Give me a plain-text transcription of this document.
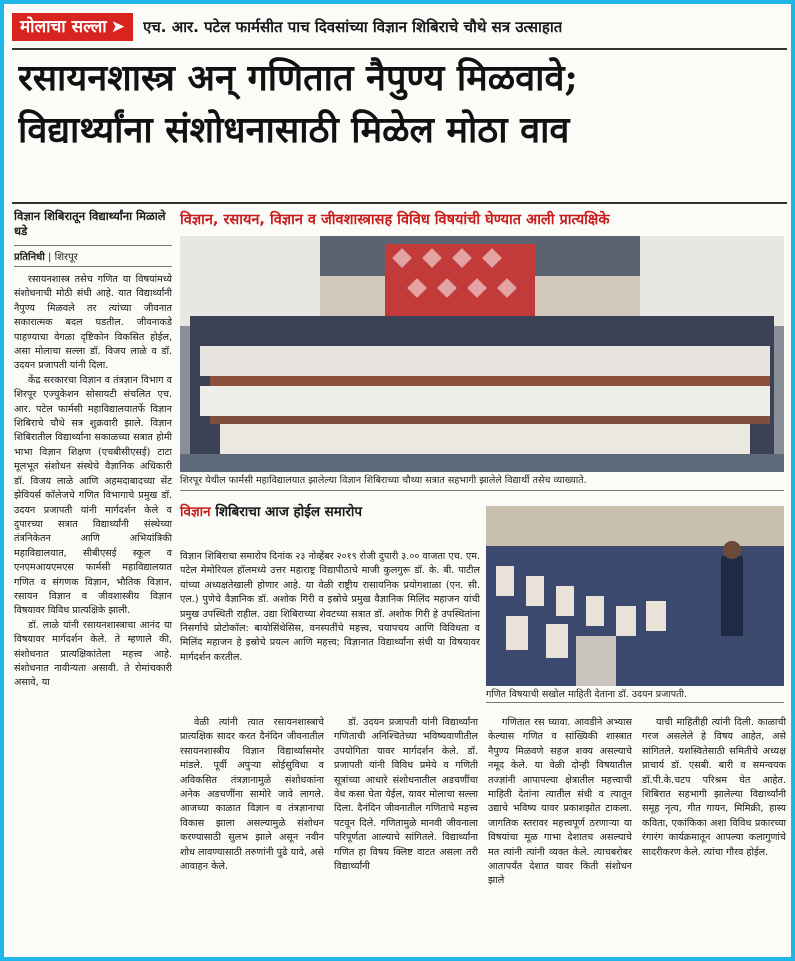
मोलाचा सल्ला ➤	एच. आर. पटेल फार्मसीत पाच दिवसांच्या विज्ञान शिबिराचे चौथे सत्र उत्साहात
रसायनशास्त्र अन् गणितात नैपुण्य मिळवावे;
विद्यार्थ्यांना संशोधनासाठी मिळेल मोठा वाव
विज्ञान शिबिरातून विद्यार्थ्यांना मिळाले धडे
प्रतिनिधी | शिरपूर

रसायनशास्त्र तसेच गणित या विषयांमध्ये संशोधनाची मोठी संधी आहे. यात विद्यार्थ्यांनी नैपुण्य मिळवले तर त्यांच्या जीवनात सकारात्मक बदल घडतील. जीवनाकडे पाहण्याचा वेगळा दृष्टिकोन विकसित होईल, असा मोलाचा सल्ला डॉ. विजय लाळे व डॉ. उदयन प्रजापती यांनी दिला.

केंद्र सरकारचा विज्ञान व तंत्रज्ञान विभाग व शिरपूर एज्युकेशन सोसायटी संचलित एच. आर. पटेल फार्मसी महाविद्यालयातर्फे विज्ञान शिबिराचे चौथे सत्र शुक्रवारी झाले. विज्ञान शिबिरातील विद्यार्थ्यांना सकाळच्या सत्रात होमी भाभा विज्ञान शिक्षण (एचबीसीएसई) टाटा मूलभूत संशोधन संस्थेचे वैज्ञानिक अधिकारी डॉ. विजय लाळे आणि अहमदाबादच्या सेंट झेवियर्स कॉलेजचे गणित विभागाचे प्रमुख डॉ. उदयन प्रजापती यांनी मार्गदर्शन केले व दुपारच्या सत्रात विद्यार्थ्यांनी संस्थेच्या तंत्रनिकेतन आणि अभियांत्रिकी महाविद्यालयात, सीबीएसई स्कूल व एनएमआयएमएस फार्मसी महाविद्यालयात गणित व संगणक विज्ञान, भौतिक विज्ञान, रसायन विज्ञान व जीवशास्त्रीय विज्ञान विषयावर विविध प्रात्यक्षिके झाली.

डॉ. लाळे यांनी रसायनशास्त्राचा आनंद या विषयावर मार्गदर्शन केले. ते म्हणाले की, संशोधनात प्रात्यक्षिकांतेला महत्त्व आहे. संशोधनात नावीन्यता असावी. ते रोमांचकारी असावे, या

विज्ञान, रसायन, विज्ञान व जीवशास्त्रासह विविध विषयांची घेण्यात आली प्रात्यक्षिके
शिरपूर येथील फार्मसी महाविद्यालयात झालेल्या विज्ञान शिबिराच्या चौथ्या सत्रात सहभागी झालेले विद्यार्थी तसेच व्याख्याते.
विज्ञान शिबिराचा आज होईल समारोप
विज्ञान शिबिराचा समारोप दिनांक २३ नोव्हेंबर २०१९ रोजी दुपारी ३.०० वाजता एच. एम. पटेल मेमोरियल हॉलमध्ये उत्तर महाराष्ट्र विद्यापीठाचे माजी कुलगुरू डॉ. के. बी. पाटील यांच्या अध्यक्षतेखाली होणार आहे. या वेळी राष्ट्रीय रासायनिक प्रयोगशाळा (एन. सी. एल.) पुणेचे वैज्ञानिक डॉ. अशोक गिरी व इस्रोचे प्रमुख वैज्ञानिक मिलिंद महाजन यांची प्रमुख उपस्थिती राहील. उद्या शिबिराच्या शेवटच्या सत्रात डॉ. अशोक गिरी हे उपस्थितांना निसर्गाचे प्रोटोकॉल: बायोसिंथेसिस, वनस्पतींचे महत्त्व, चयापचय आणि विविधता व मिलिंद महाजन हे इस्रोचे प्रयत्न आणि महत्त्व; विज्ञानात विद्यार्थ्यांना संधी या विषयावर मार्गदर्शन करतील.
गणित विषयाची सखोल माहिती देताना डॉ. उदयन प्रजापती.

वेळी त्यांनी त्यात रसायनशास्त्राचे प्रात्यक्षिक सादर करत दैनंदिन जीवनातील रसायनशास्त्रीय विज्ञान विद्यार्थ्यांसमोर मांडले. पूर्वी अपुऱ्या सोईसुविधा व अविकसित तंत्रज्ञानामुळे संशोधकांना अनेक अडचणींना सामोरे जावे लागले. आजच्या काळात विज्ञान व तंत्रज्ञानाचा विकास झाला असल्यामुळे संशोधन करण्यासाठी सुलभ झाले असून नवीन शोध लावण्यासाठी तरुणांनी पुढे यावे, असे आवाहन केले.

डॉ. उदयन प्रजापती यांनी विद्यार्थ्यांना गणिताची अनिश्चितेच्या भविष्यवाणीतील उपयोगिता यावर मार्गदर्शन केले. डॉ. प्रजापती यांनी विविध प्रमेये व गणिती सूत्रांच्या आधारे संशोधनातील अडचणींचा वेध कसा घेता येईल, यावर मोलाचा सल्ला दिला. दैनंदिन जीवनातील गणिताचे महत्त्व पटवून दिले. गणितामुळे मानवी जीवनाला परिपूर्णता आल्याचे सांगितले. विद्यार्थ्यांना गणित हा विषय क्लिष्ट वाटत असला तरी विद्यार्थ्यांनी

गणितात रस घ्यावा. आवडीने अभ्यास केल्यास गणित व सांख्यिकी शास्त्रात नैपुण्य मिळवणे सहज शक्य असल्याचे नमूद केले. या वेळी दोन्ही विषयातील तज्ज्ञांनी आपापल्या क्षेत्रातील महत्त्वाची माहिती देतांना त्यातील संधी व त्यातून उद्याचे भविष्य यावर प्रकाशझोत टाकला. जागतिक स्तरावर महत्त्वपूर्ण ठरणाऱ्या या विषयांचा मूळ गाभा देशातच असल्याचे मत त्यांनी त्यांनी व्यक्त केले. त्याचबरोबर आतापर्यंत देशात यावर किती संशोधन झाले

याची माहितीही त्यांनी दिली. काळाची गरज असलेले हे विषय आहेत, असे सांगितले. यशस्वितेसाठी समितीचे अध्यक्ष प्राचार्य डॉ. एसबी. बारी व समन्वयक डॉ.पी.के.चटप परिश्रम घेत आहेत. शिबिरात सहभागी झालेल्या विद्यार्थ्यांनी समूह नृत्य, गीत गायन, मिमिक्री, हास्य कविता, एकांकिका अशा विविध प्रकारच्या रंगारंग कार्यक्रमातून आपल्या कलागुणांचे सादरीकरण केले. त्यांचा गौरव होईल.
